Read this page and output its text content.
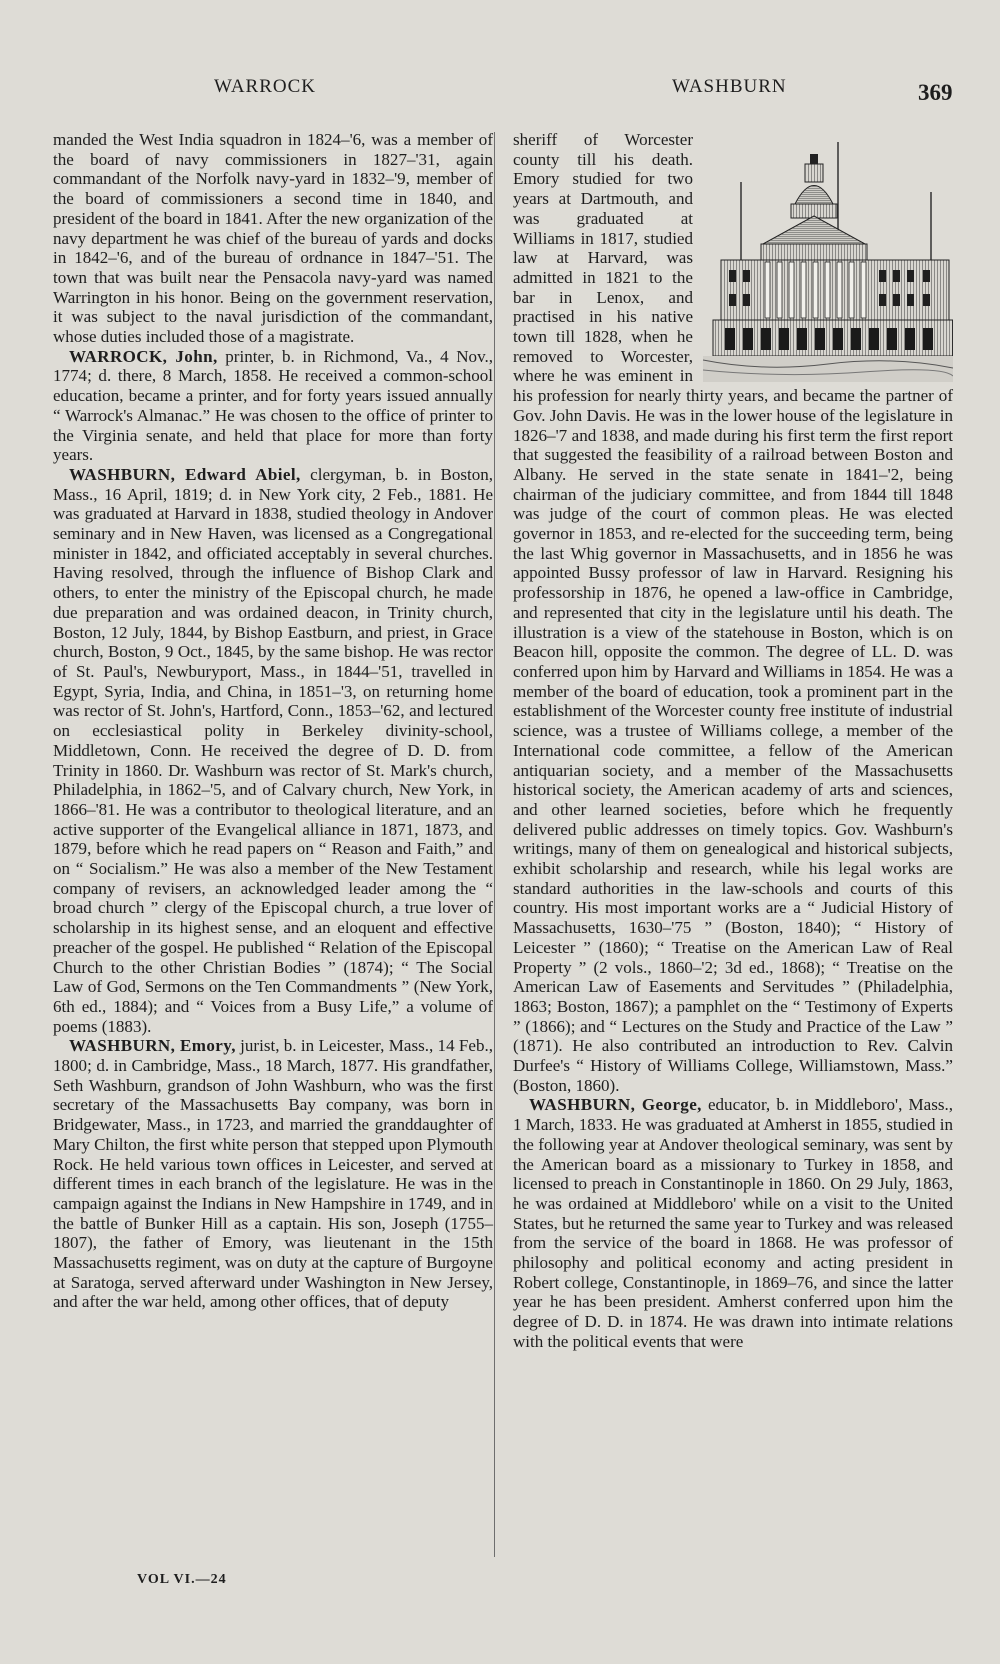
WARROCK	WASHBURN	369

manded the West India squadron in 1824–'6, was a member of the board of navy commissioners in 1827–'31, again commandant of the Norfolk navy-yard in 1832–'9, member of the board of commissioners a second time in 1840, and president of the board in 1841. After the new organization of the navy department he was chief of the bureau of yards and docks in 1842–'6, and of the bureau of ordnance in 1847–'51. The town that was built near the Pensacola navy-yard was named Warrington in his honor. Being on the government reservation, it was subject to the naval jurisdiction of the commandant, whose duties included those of a magistrate.

WARROCK, John, printer, b. in Richmond, Va., 4 Nov., 1774; d. there, 8 March, 1858. He received a common-school education, became a printer, and for forty years issued annually “ Warrock's Almanac.” He was chosen to the office of printer to the Virginia senate, and held that place for more than forty years.

WASHBURN, Edward Abiel, clergyman, b. in Boston, Mass., 16 April, 1819; d. in New York city, 2 Feb., 1881. He was graduated at Harvard in 1838, studied theology in Andover seminary and in New Haven, was licensed as a Congregational minister in 1842, and officiated acceptably in several churches. Having resolved, through the influence of Bishop Clark and others, to enter the ministry of the Episcopal church, he made due preparation and was ordained deacon, in Trinity church, Boston, 12 July, 1844, by Bishop Eastburn, and priest, in Grace church, Boston, 9 Oct., 1845, by the same bishop. He was rector of St. Paul's, Newburyport, Mass., in 1844–'51, travelled in Egypt, Syria, India, and China, in 1851–'3, on returning home was rector of St. John's, Hartford, Conn., 1853–'62, and lectured on ecclesiastical polity in Berkeley divinity-school, Middletown, Conn. He received the degree of D. D. from Trinity in 1860. Dr. Washburn was rector of St. Mark's church, Philadelphia, in 1862–'5, and of Calvary church, New York, in 1866–'81. He was a contributor to theological literature, and an active supporter of the Evangelical alliance in 1871, 1873, and 1879, before which he read papers on “ Reason and Faith,” and on “ Socialism.” He was also a member of the New Testament company of revisers, an acknowledged leader among the “ broad church ” clergy of the Episcopal church, a true lover of scholarship in its highest sense, and an eloquent and effective preacher of the gospel. He published “ Relation of the Episcopal Church to the other Christian Bodies ” (1874); “ The Social Law of God, Sermons on the Ten Commandments ” (New York, 6th ed., 1884); and “ Voices from a Busy Life,” a volume of poems (1883).

WASHBURN, Emory, jurist, b. in Leicester, Mass., 14 Feb., 1800; d. in Cambridge, Mass., 18 March, 1877. His grandfather, Seth Washburn, grandson of John Washburn, who was the first secretary of the Massachusetts Bay company, was born in Bridgewater, Mass., in 1723, and married the granddaughter of Mary Chilton, the first white person that stepped upon Plymouth Rock. He held various town offices in Leicester, and served at different times in each branch of the legislature. He was in the campaign against the Indians in New Hampshire in 1749, and in the battle of Bunker Hill as a captain. His son, Joseph (1755–1807), the father of Emory, was lieutenant in the 15th Massachusetts regiment, was on duty at the capture of Burgoyne at Saratoga, served afterward under Washington in New Jersey, and after the war held, among other offices, that of deputy

sheriff of Worcester county till his death. Emory studied for two years at Dartmouth, and was graduated at Williams in 1817, studied law at Harvard, was admitted in 1821 to the bar in Lenox, and practised in his native town till 1828, when he removed to Worcester, where he was eminent in his profession for nearly thirty years, and became the partner of Gov. John Davis. He was in the lower house of the legislature in 1826–'7 and 1838, and made during his first term the first report that suggested the feasibility of a railroad between Boston and Albany. He served in the state senate in 1841–'2, being chairman of the judiciary committee, and from 1844 till 1848 was judge of the court of common pleas. He was elected governor in 1853, and re-elected for the succeeding term, being the last Whig governor in Massachusetts, and in 1856 he was appointed Bussy professor of law in Harvard. Resigning his professorship in 1876, he opened a law-office in Cambridge, and represented that city in the legislature until his death. The illustration is a view of the statehouse in Boston, which is on Beacon hill, opposite the common. The degree of LL. D. was conferred upon him by Harvard and Williams in 1854. He was a member of the board of education, took a prominent part in the establishment of the Worcester county free institute of industrial science, was a trustee of Williams college, a member of the International code committee, a fellow of the American antiquarian society, and a member of the Massachusetts historical society, the American academy of arts and sciences, and other learned societies, before which he frequently delivered public addresses on timely topics. Gov. Washburn's writings, many of them on genealogical and historical subjects, exhibit scholarship and research, while his legal works are standard authorities in the law-schools and courts of this country. His most important works are a “ Judicial History of Massachusetts, 1630–'75 ” (Boston, 1840); “ History of Leicester ” (1860); “ Treatise on the American Law of Real Property ” (2 vols., 1860–'2; 3d ed., 1868); “ Treatise on the American Law of Easements and Servitudes ” (Philadelphia, 1863; Boston, 1867); a pamphlet on the “ Testimony of Experts ” (1866); and “ Lectures on the Study and Practice of the Law ” (1871). He also contributed an introduction to Rev. Calvin Durfee's “ History of Williams College, Williamstown, Mass.” (Boston, 1860).

WASHBURN, George, educator, b. in Middleboro', Mass., 1 March, 1833. He was graduated at Amherst in 1855, studied in the following year at Andover theological seminary, was sent by the American board as a missionary to Turkey in 1858, and licensed to preach in Constantinople in 1860. On 29 July, 1863, he was ordained at Middleboro' while on a visit to the United States, but he returned the same year to Turkey and was released from the service of the board in 1868. He was professor of philosophy and political economy and acting president in Robert college, Constantinople, in 1869–76, and since the latter year he has been president. Amherst conferred upon him the degree of D. D. in 1874. He was drawn into intimate relations with the political events that were

VOL VI.—24
